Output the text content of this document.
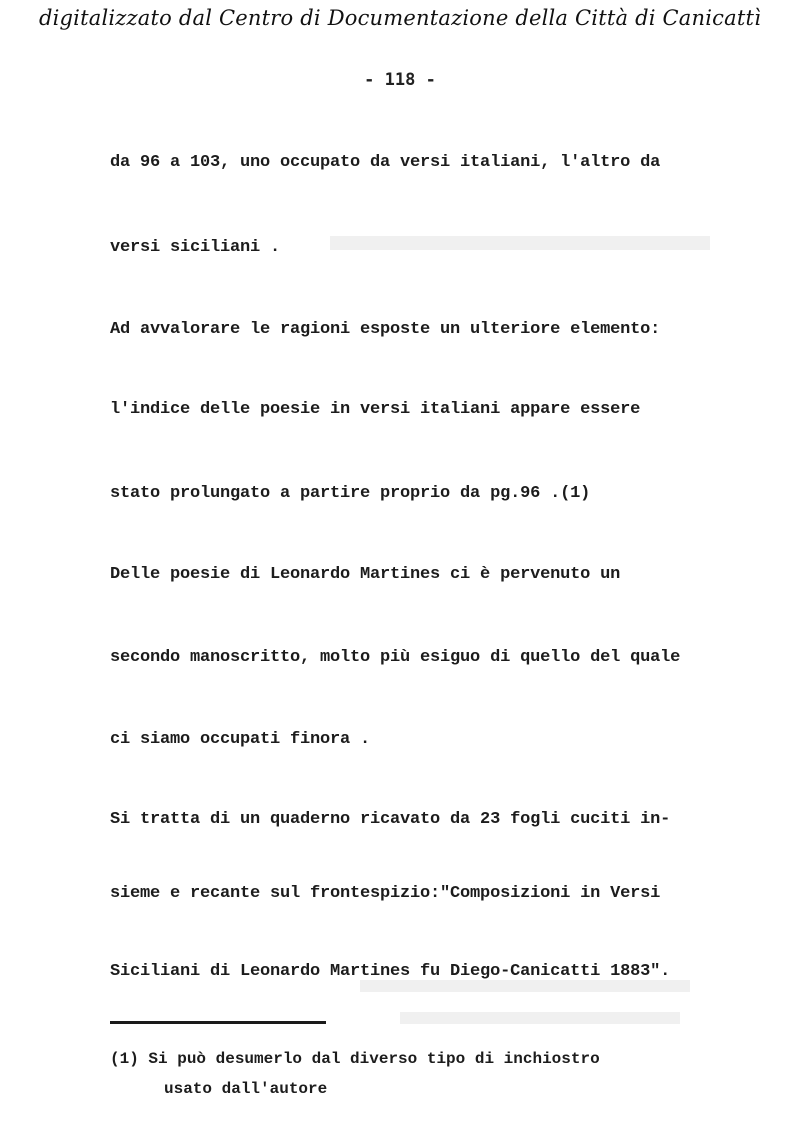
digitalizzato dal Centro di Documentazione della Città di Canicattì
- 118 -
da 96 a 103, uno occupato da versi italiani, l'altro da
versi siciliani .
Ad avvalorare le ragioni esposte un ulteriore elemento:
l'indice delle poesie in versi italiani appare essere
stato prolungato a partire proprio da pg.96 .(1)
Delle poesie di Leonardo Martines ci è pervenuto un
secondo manoscritto, molto più esiguo di quello del quale
ci siamo occupati finora .
Si tratta di un quaderno ricavato da 23 fogli cuciti in-
sieme e recante sul frontespizio:"Composizioni in Versi
Siciliani di Leonardo Martines fu Diego-Canicatti 1883".
(1) Si può desumerlo dal diverso tipo di inchiostro
usato dall'autore
